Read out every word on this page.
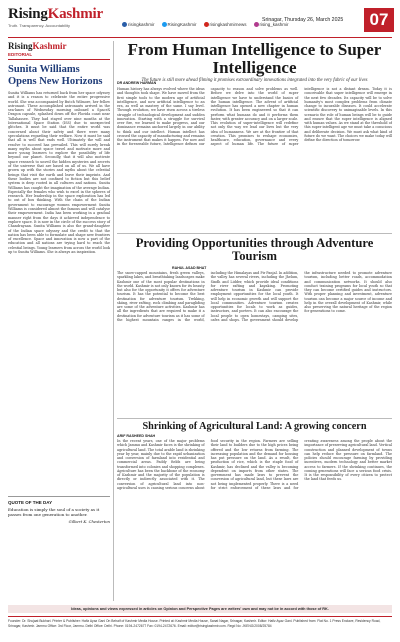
RisingKashmir
Truth. Transparency. Accountability	risingkashmir	RisingKashmir	risingkashmirnews	rising_kashmir
Srinagar, Thursday 26, March 2025	07
RisingKashmir
EDITORIAL
Sunita Williams Opens New Horizons
Sunita Williams has returned back from her space odyssey and it is a reason to celebrate the entire progressive world. She was accompanied by Butch Wilmore, her fellow astronaut. These accomplished astronauts arrived in the sea-lanes of Wednesday morning onboard a SpaceX Dragon capsule, splashed down off the Florida coast near Tallahassee. They had stayed over nine months at the International Space Station (ISS) due to unexpected glitches. It must be said that the entire world was concerned about their safety and there were many speculations regarding their welfare. Now it must be said that all is well that ends well. Ultimately the will and resolve to succeed has prevailed. This will surely break many myths about space travel and motivate more and more young learners to explore the possibility of life beyond our planet. Secondly, that it will also motivate space research to unveil the hidden mysteries and secrets of the universe that are based on all of us. We all have grown up with the stories and myths about the celestial beings that visit the earth and leave their imprints. And these bodies are not confined to fiction but this belief system is deep rooted in all cultures and nations. Sunita Williams has caught the imagination of the average Indian. Especially the females who wish to excel in the spheres of research. Her leadership in the space exploration has led to out of box thinking. With the chain of the Indian government to encourage women empowerment Sunita Williams is considered almost the famous and will catalyse their empowerment. India has been working in a gradual manner right from the days it achieved independence to explore space. It is now in the circle of the success story of Chandrayaan. Sunita Williams is also the grand-daughter of the Indian space odyssey and the credit to that the nation has been able to formulate and shape new frontiers of excellence. Space and innovation is now a part of the education and all nations are trying hard to reach the celestial beings. Young learners from across the world look up to Sunita Williams. She is always an inspiration.
QUOTE OF THE DAY
Education is simply the soul of a society as it passes from one generation to another.
Gilbert K. Chesterton
From Human Intelligence to Super Intelligence
The future is still more ahead filming it promises extraordinary innovations integrated into the very fabric of our lives
DR ANDREW HARMAN
Human history has always evolved where the ideas and thoughts took shape. We have moved from the first simple tools to the modern age of artificial intelligence, and now artificial intelligence to an era, as well as mastery of the same. I say level. Through evolution, we have risen across a tireless struggle of technological development and sudden innovation. Starting with a struggle for survival over fire, we learned to make progress, and our dominance remains anchored largely in our ability to think and our intellect. Human intellect has crossed the capacity of manufacturing and remains the instrument that makes it happen. For now and in the foreseeable future, Intelligence defines our capacity to reason and solve problems as well. Before we delve into the world of super intelligence we have to understand the basics of the human intelligence. The advent of artificial intelligence has opened a new chapter in human evolution. It has been engineered so that it can perform what humans do and it performs them faster, with greater accuracy and on a larger scale. This evolution of super-intelligence will redefine not only the way we lead our lives but the very idea of humanness. We are at the frontier of that creation. This promises to reshape economies, healthcare, education, governance and every aspect of human life. The future of super intelligence is not a distant dream. Today it is conceivable that super intelligence will emerge in the next few decades. Its capacity will be to solve humanity's most complex problems from climate change to incurable diseases. It could accelerate scientific discovery to unimaginable levels. In this scenario the role of human beings will be to guide and ensure that the super intelligence is aligned with human values. As we stand at the threshold of this super intelligent age we must take a conscious and deliberate decision. We must ask what kind of future do we want. The choices we make today will define the direction of tomorrow.
Providing Opportunities through Adventure Tourism
RAHUL ASAD BHAT
The snow-capped mountains, fresh green valleys, sparkling lakes, and breathtaking landscapes make Kashmir one of the most popular destinations in the world. Kashmir is not only known for its beauty but also for the opportunity it offers for adventure tourism. It has the potential to become the best destination for adventure tourism. Trekking, skiing, river rafting, rock climbing and paragliding are some of the adventure activities. Kashmir has all the ingredients that are required to make it a destination for adventure tourism as it has some of the highest mountain ranges in the world, including the Himalayas and Pir Panjal. In addition, the valley has several rivers, including the Jhelum, Sindh and Lidder, which provide ideal conditions for river rafting and kayaking. Promoting adventure tourism in Kashmir can provide employment opportunities for the local youth. It will help in economic growth and will support the local communities. Adventure tourism creates opportunities for locals to work as guides, instructors, and porters. It can also encourage the local people to open homestays, camping sites, cafes and shops. The government should develop the infrastructure needed to promote adventure tourism, including better roads, accommodation and communication networks. It should also conduct training programs for local youth so that they can become certified guides and instructors. With proper planning and investment, adventure tourism can become a major source of income and help in the overall development of Kashmir, while also preserving the natural heritage of the region for generations to come.
Shrinking of Agricultural Land: A growing concern
ARIF RASHEED SHAH
In the recent years, one of the major problems which Jammu and Kashmir faces is the shrinking of agricultural land. The total arable land is shrinking year by year, mainly due to the rapid urbanization and conversion of farmland into residential and commercial areas. Paddy fields are being transformed into colonies and shopping complexes. Agriculture has been the backbone of the economy of Kashmir and the majority of the population is directly or indirectly associated with it. The conversion of agricultural land into non-agricultural uses is causing serious concerns about food security in the region. Farmers are selling their land to builders due to the high prices being offered and the low returns from farming. The increasing population and the demand for housing has put pressure on the land. As a result, the production of rice, which is the staple food of Kashmir, has declined and the valley is becoming dependent on imports from other states. The government has made laws to prevent the conversion of agricultural land, but these laws are not being implemented properly. There is a need for strict enforcement of these laws and for creating awareness among the people about the importance of preserving agricultural land. Vertical construction and planned development of towns can help reduce the pressure on farmland. The policies should encourage farming by providing incentives, modern technology and better market access to farmers. If the shrinking continues, the coming generations will face a serious food crisis. It is the responsibility of every citizen to protect the land that feeds us.
Ideas, opinions and views expressed in articles on Opinion and Perspective Pages are writers' own and may not be in accord with those of RK.
Founder: Dr. Shujaat Bukhari. Printer & Publisher: Hafiz Ayaz Gani On Behalf of Kashmir Media House. Printed at: Kashmir Media House, Sanat Nagar, Srinagar, Kashmir. Editor: Hafiz Ayaz Gani. Published from: Flat No. 1 Press Enclave, Residency Road, Srinagar, Kashmir. Jammu Office: 3rd Floor, Jammu. Delhi Office: Delhi. Phone: 0194-2472677 Fax: 0194-2472676. Email: editor@risingkashmir.com. Regd No: JKENG/2008/25784
